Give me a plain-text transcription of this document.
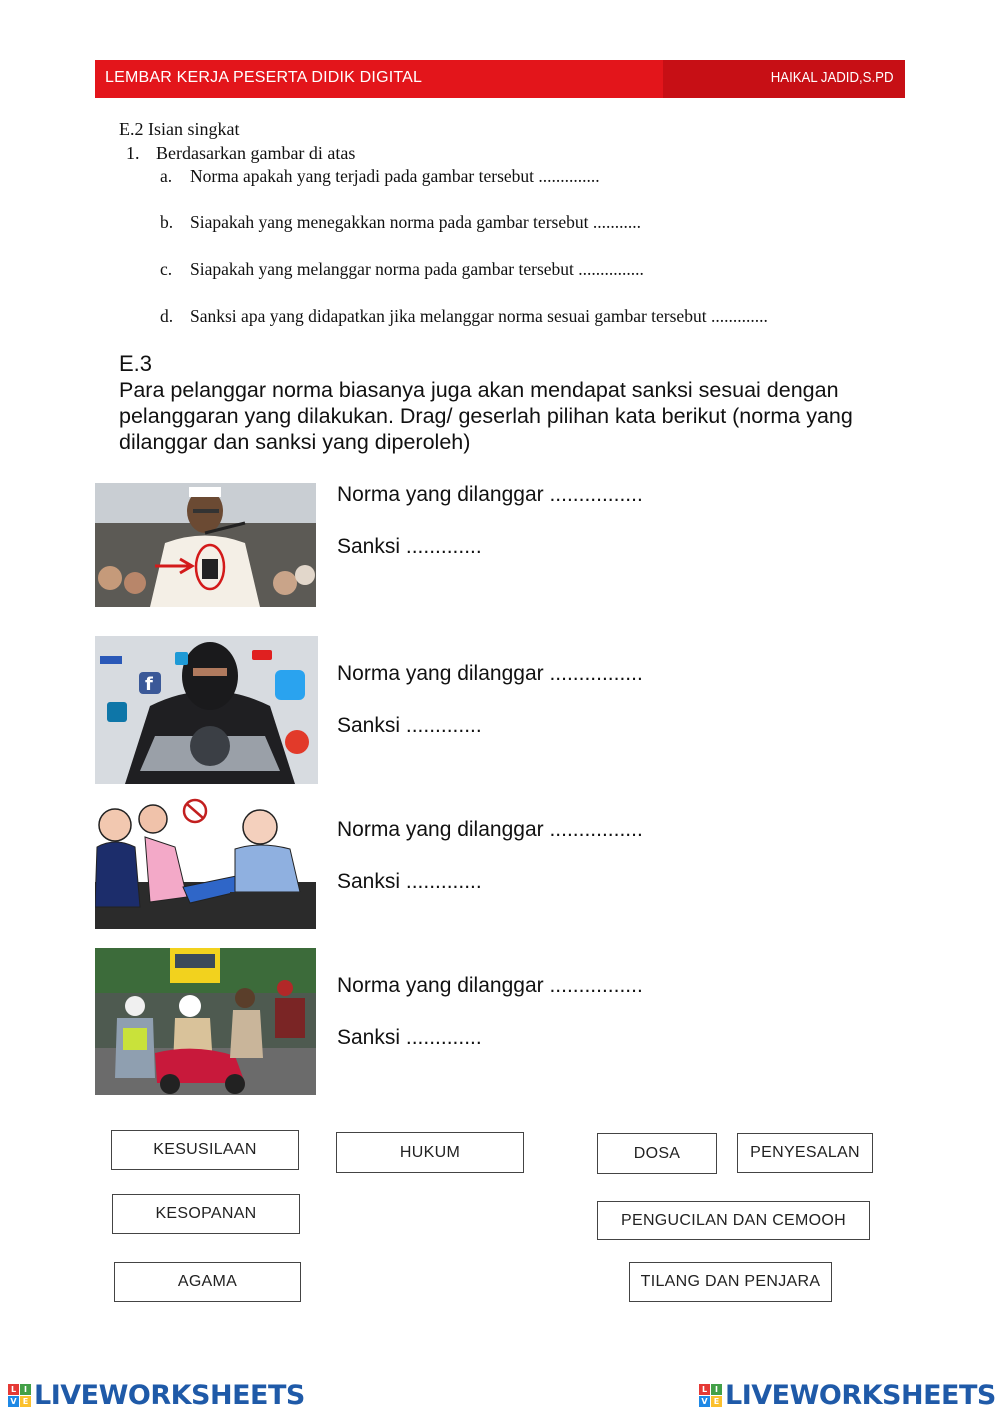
LEMBAR KERJA PESERTA DIDIK DIGITAL	HAIKAL JADID,S.PD
E.2 Isian singkat
1. Berdasarkan gambar di atas
a. Norma apakah yang terjadi pada gambar tersebut ..............
b. Siapakah yang menegakkan norma pada gambar tersebut ...........
c. Siapakah yang melanggar norma pada gambar tersebut ...............
d. Sanksi apa yang didapatkan jika melanggar norma sesuai gambar tersebut .............
E.3
Para pelanggar norma biasanya juga akan mendapat sanksi sesuai dengan pelanggaran yang dilakukan. Drag/ geserlah pilihan kata berikut (norma yang dilanggar dan sanksi yang diperoleh)
Norma yang dilanggar ................
Sanksi .............
f	Norma yang dilanggar ................
Sanksi .............
Norma yang dilanggar ................
Sanksi .............
Norma yang dilanggar ................
Sanksi .............
KESUSILAAN	HUKUM	DOSA	PENYESALAN
KESOPANAN	PENGUCILAN DAN CEMOOH
AGAMA	TILANG DAN PENJARA
L I
V E LIVEWORKSHEETS	L I
V E LIVEWORKSHEETS
